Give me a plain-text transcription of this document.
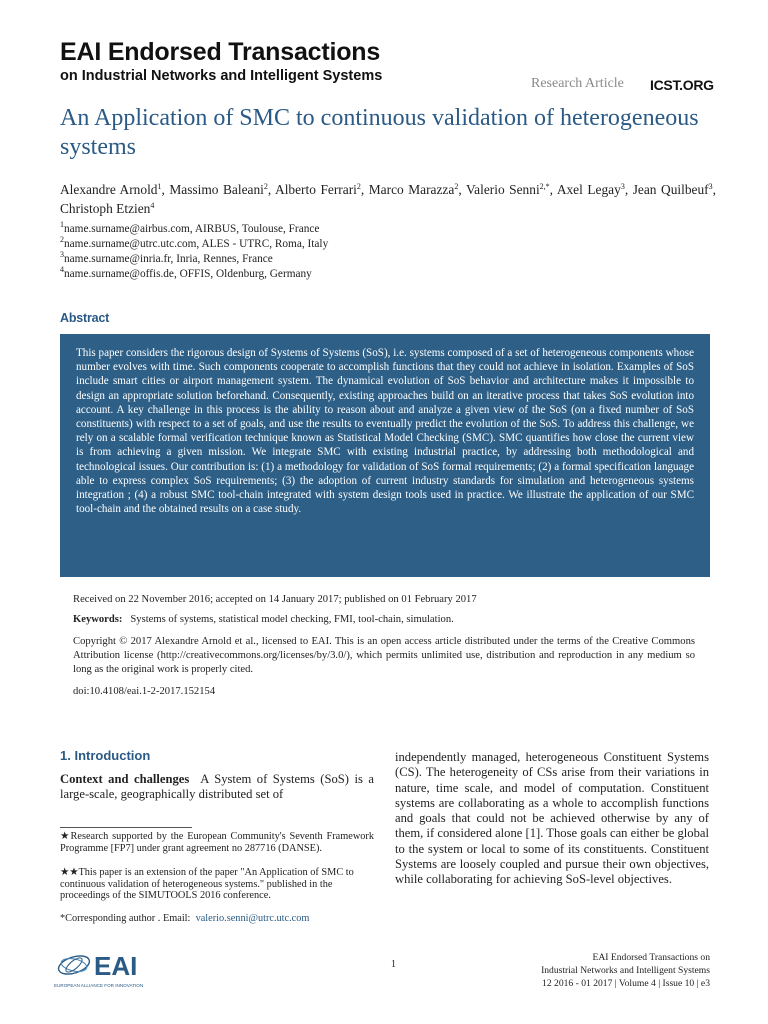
EAI Endorsed Transactions
on Industrial Networks and Intelligent Systems	Research Article ICST.ORG
An Application of SMC to continuous validation of heterogeneous systems
Alexandre Arnold$^1$, Massimo Baleani$^2$, Alberto Ferrari$^2$, Marco Marazza$^2$, Valerio Senni$^{2,*}$, Axel Legay$^3$, Jean Quilbeuf$^3$, Christoph Etzien$^4$
$^1$name.surname@airbus.com, AIRBUS, Toulouse, France
$^2$name.surname@utrc.utc.com, ALES - UTRC, Roma, Italy
$^3$name.surname@inria.fr, Inria, Rennes, France
$^4$name.surname@offis.de, OFFIS, Oldenburg, Germany
Abstract

This paper considers the rigorous design of Systems of Systems (SoS), i.e. systems composed of a set of heterogeneous components whose number evolves with time. Such components cooperate to accomplish functions that they could not achieve in isolation. Examples of SoS include smart cities or airport management system. The dynamical evolution of SoS behavior and architecture makes it impossible to design an appropriate solution beforehand. Consequently, existing approaches build on an iterative process that takes SoS evolution into account. A key challenge in this process is the ability to reason about and analyze a given view of the SoS (on a fixed number of SoS constituents) with respect to a set of goals, and use the results to eventually predict the evolution of the SoS. To address this challenge, we rely on a scalable formal verification technique known as Statistical Model Checking (SMC). SMC quantifies how close the current view is from achieving a given mission. We integrate SMC with existing industrial practice, by addressing both methodological and technological issues. Our contribution is: (1) a methodology for validation of SoS formal requirements; (2) a formal specification language able to express complex SoS requirements; (3) the adoption of current industry standards for simulation and heterogeneous systems integration ; (4) a robust SMC tool-chain integrated with system design tools used in practice. We illustrate the application of our SMC tool-chain and the obtained results on a case study.

Received on 22 November 2016; accepted on 14 January 2017; published on 01 February 2017
Keywords: Systems of systems, statistical model checking, FMI, tool-chain, simulation.
Copyright © 2017 Alexandre Arnold et al., licensed to EAI. This is an open access article distributed under the terms of the Creative Commons Attribution license (http://creativecommons.org/licenses/by/3.0/), which permits unlimited use, distribution and reproduction in any medium so long as the original work is properly cited.
doi:10.4108/eai.1-2-2017.152154
1. Introduction

Context and challenges A System of Systems (SoS) is a large-scale, geographically distributed set of

★Research supported by the European Community's Seventh Framework Programme [FP7] under grant agreement no 287716 (DANSE).
★★This paper is an extension of the paper "An Application of SMC to continuous validation of heterogeneous systems." published in the proceedings of the SIMUTOOLS 2016 conference.
*Corresponding author . Email: valerio.senni@utrc.utc.com

independently managed, heterogeneous Constituent Systems (CS). The heterogeneity of CSs arise from their variations in nature, time scale, and model of computation. Constituent systems are collaborating as a whole to accomplish functions and goals that could not be achieved otherwise by any of them, if considered alone [1]. Those goals can either be global to the system or local to some of its constituents. Constituent Systems are loosely coupled and pursue their own objectives, while collaborating for achieving SoS-level objectives.

EAI
EUROPEAN ALLIANCE FOR INNOVATION
1
EAI Endorsed Transactions on
Industrial Networks and Intelligent Systems
12 2016 - 01 2017 | Volume 4 | Issue 10 | e3
